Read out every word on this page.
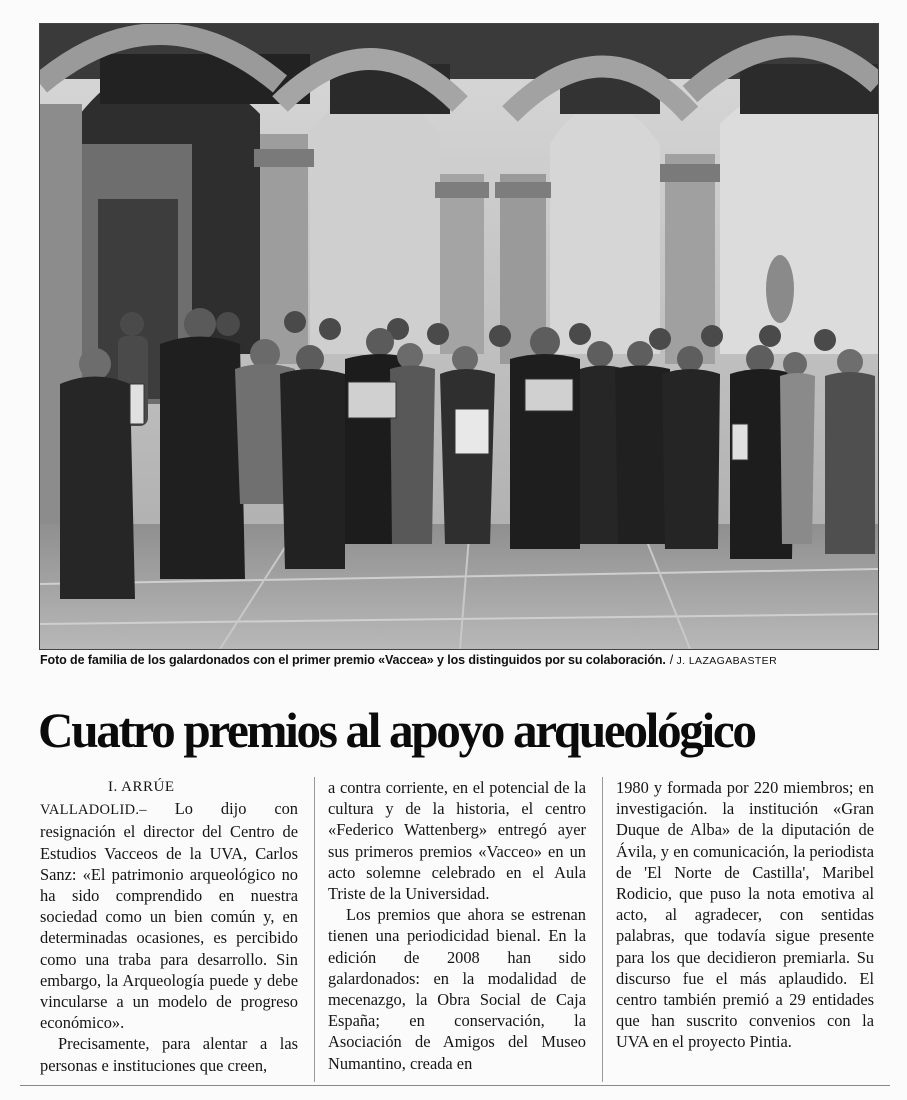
Foto de familia de los galardonados con el primer premio «Vaccea» y los distinguidos por su colaboración. / J. LAZAGABASTER
Cuatro premios al apoyo arqueológico

I. ARRÚE

VALLADOLID.– Lo dijo con resignación el director del Centro de Estudios Vacceos de la UVA, Carlos Sanz: «El patrimonio arqueológico no ha sido comprendido en nuestra sociedad como un bien común y, en determinadas ocasiones, es percibido como una traba para desarrollo. Sin embargo, la Arqueología puede y debe vincularse a un modelo de progreso económico».

Precisamente, para alentar a las personas e instituciones que creen,

a contra corriente, en el potencial de la cultura y de la historia, el centro «Federico Wattenberg» entregó ayer sus primeros premios «Vacceo» en un acto solemne celebrado en el Aula Triste de la Universidad.

Los premios que ahora se estrenan tienen una periodicidad bienal. En la edición de 2008 han sido galardonados: en la modalidad de mecenazgo, la Obra Social de Caja España; en conservación, la Asociación de Amigos del Museo Numantino, creada en

1980 y formada por 220 miembros; en investigación. la institución «Gran Duque de Alba» de la diputación de Ávila, y en comunicación, la periodista de 'El Norte de Castilla', Maribel Rodicio, que puso la nota emotiva al acto, al agradecer, con sentidas palabras, que todavía sigue presente para los que decidieron premiarla. Su discurso fue el más aplaudido. El centro también premió a 29 entidades que han suscrito convenios con la UVA en el proyecto Pintia.
